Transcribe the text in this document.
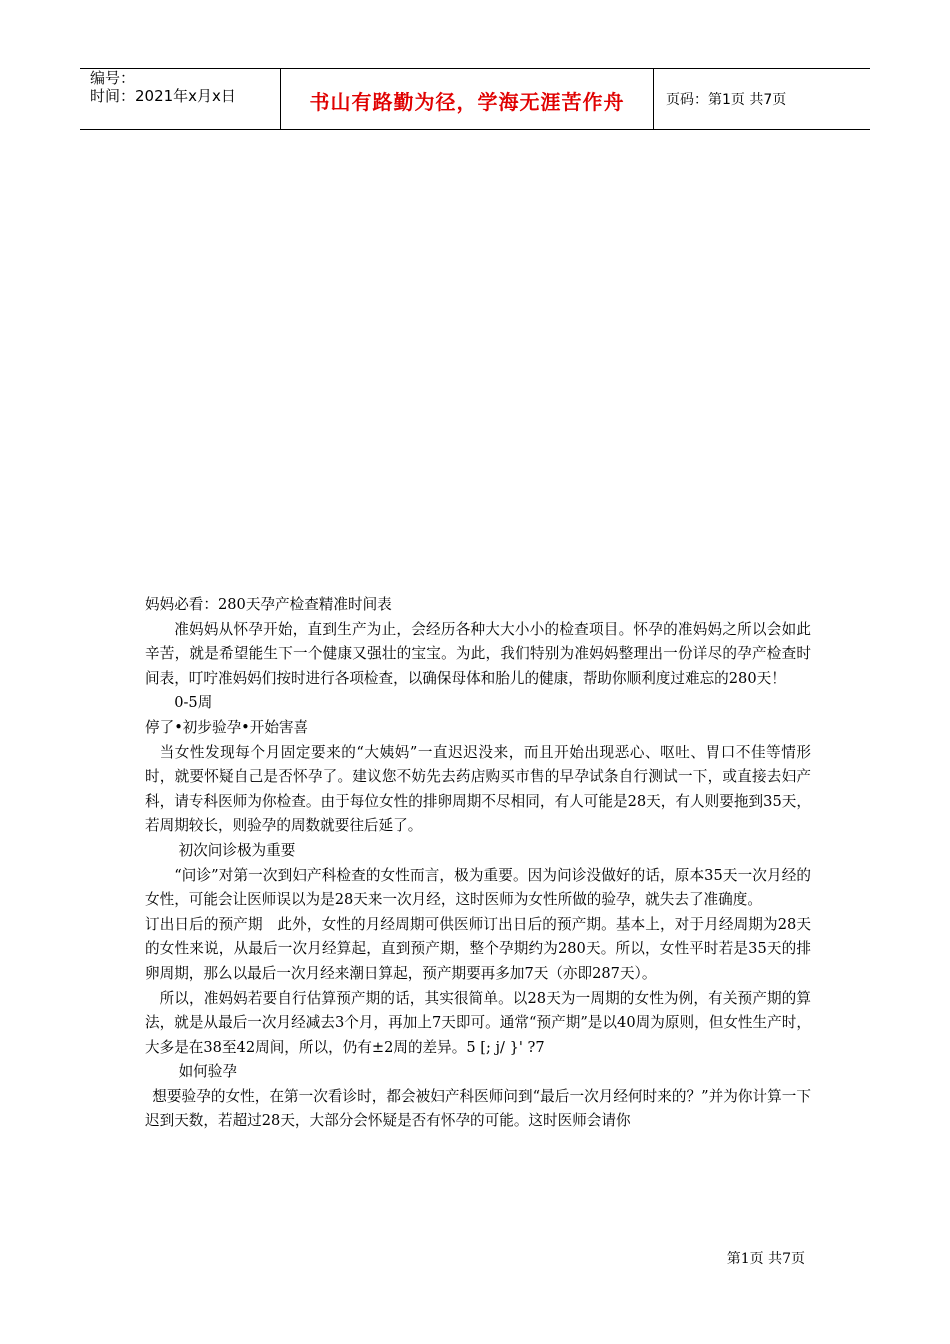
编号：
时间：2021年x月x日	书山有路勤为径，学海无涯苦作舟	页码：第1页 共7页

妈妈必看：280天孕产检查精准时间表

准妈妈从怀孕开始，直到生产为止，会经历各种大大小小的检查项目。怀孕的准妈妈之所以会如此辛苦，就是希望能生下一个健康又强壮的宝宝。为此，我们特别为准妈妈整理出一份详尽的孕产检查时间表，叮咛准妈妈们按时进行各项检查，以确保母体和胎儿的健康，帮助你顺利度过难忘的280天！

0-5周

停了•初步验孕•开始害喜

当女性发现每个月固定要来的“大姨妈”一直迟迟没来，而且开始出现恶心、呕吐、胃口不佳等情形时，就要怀疑自己是否怀孕了。建议您不妨先去药店购买市售的早孕试条自行测试一下，或直接去妇产科，请专科医师为你检查。由于每位女性的排卵周期不尽相同，有人可能是28天，有人则要拖到35天，若周期较长，则验孕的周数就要往后延了。

初次问诊极为重要

“问诊”对第一次到妇产科检查的女性而言，极为重要。因为问诊没做好的话，原本35天一次月经的女性，可能会让医师误以为是28天来一次月经，这时医师为女性所做的验孕，就失去了准确度。

订出日后的预产期　此外，女性的月经周期可供医师订出日后的预产期。基本上，对于月经周期为28天的女性来说，从最后一次月经算起，直到预产期，整个孕期约为280天。所以，女性平时若是35天的排卵周期，那么以最后一次月经来潮日算起，预产期要再多加7天（亦即287天）。

所以，准妈妈若要自行估算预产期的话，其实很简单。以28天为一周期的女性为例，有关预产期的算法，就是从最后一次月经减去3个月，再加上7天即可。通常“预产期”是以40周为原则，但女性生产时，大多是在38至42周间，所以，仍有±2周的差异。5 [; j/ }' ?7

如何验孕

想要验孕的女性，在第一次看诊时，都会被妇产科医师问到“最后一次月经何时来的？”并为你计算一下迟到天数，若超过28天，大部分会怀疑是否有怀孕的可能。这时医师会请你

第1页 共7页
